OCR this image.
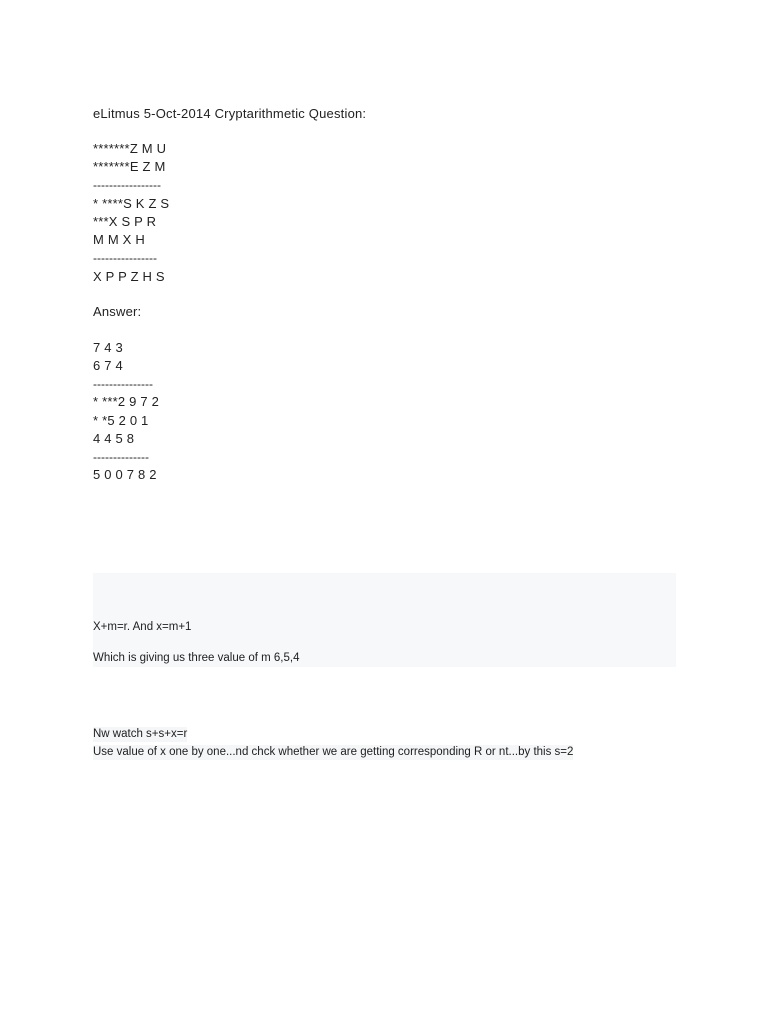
eLitmus 5-Oct-2014 Cryptarithmetic Question:
*******Z M U
*******E Z M
-----------------
* ****S K Z S
***X S P R
M M X H
----------------
X P P Z H S
Answer:
7 4 3
6 7 4
---------------
* ***2 9 7 2
* *5 2 0 1
4 4 5 8
--------------
5 0 0 7 8 2
X+m=r. And x=m+1
Which is giving us three value of m 6,5,4
Nw watch s+s+x=r
Use value of x one by one...nd chck whether we are getting corresponding R or nt...by this s=2
